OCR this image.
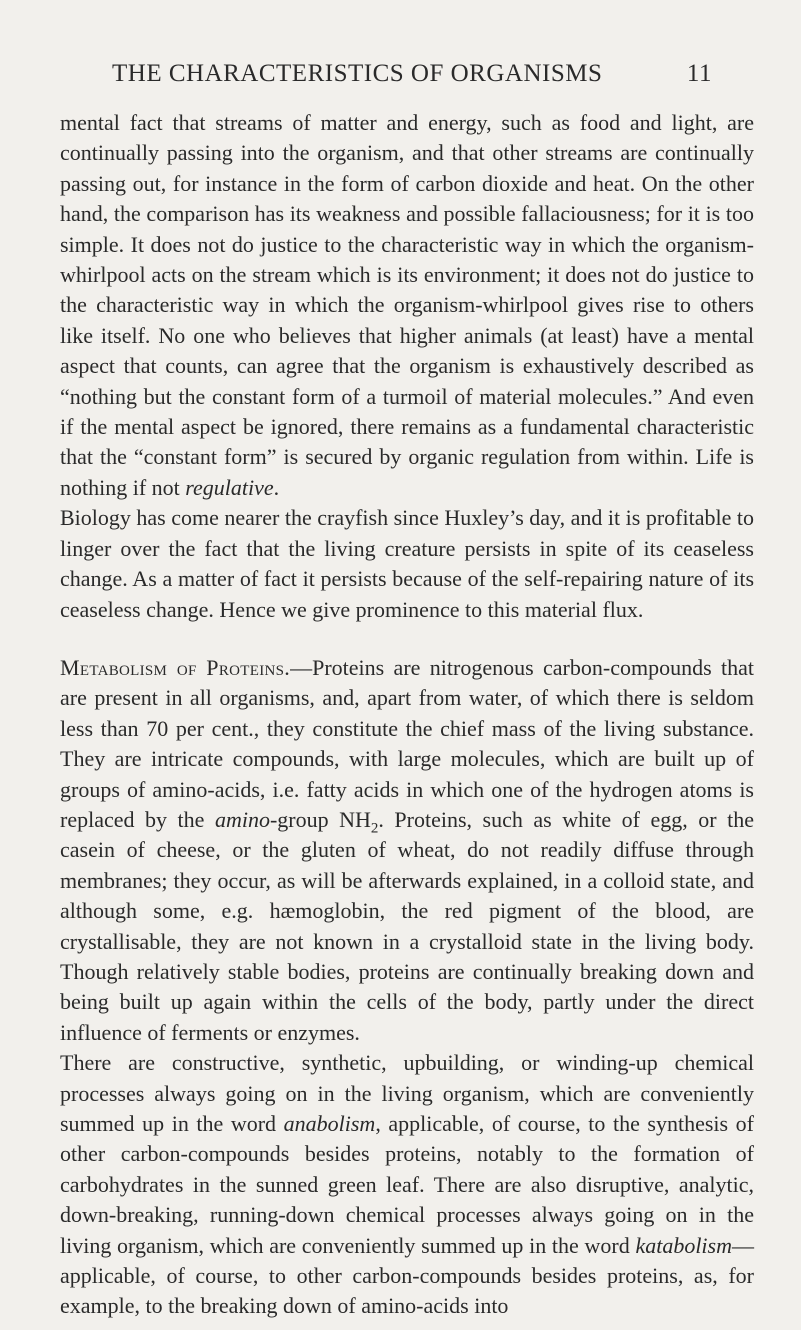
THE CHARACTERISTICS OF ORGANISMS	11

mental fact that streams of matter and energy, such as food and light, are continually passing into the organism, and that other streams are continually passing out, for instance in the form of carbon dioxide and heat. On the other hand, the comparison has its weakness and possible fallaciousness; for it is too simple. It does not do justice to the characteristic way in which the organism-whirlpool acts on the stream which is its environment; it does not do justice to the characteristic way in which the organism-whirlpool gives rise to others like itself. No one who believes that higher animals (at least) have a mental aspect that counts, can agree that the organism is exhaustively described as “nothing but the constant form of a turmoil of material molecules.” And even if the mental aspect be ignored, there remains as a fundamental characteristic that the “constant form” is secured by organic regulation from within. Life is nothing if not regulative.

Biology has come nearer the crayfish since Huxley’s day, and it is profitable to linger over the fact that the living creature persists in spite of its ceaseless change. As a matter of fact it persists because of the self-repairing nature of its ceaseless change. Hence we give prominence to this material flux.

Metabolism of Proteins.—Proteins are nitrogenous carbon-compounds that are present in all organisms, and, apart from water, of which there is seldom less than 70 per cent., they constitute the chief mass of the living substance. They are intricate compounds, with large molecules, which are built up of groups of amino-acids, i.e. fatty acids in which one of the hydrogen atoms is replaced by the amino-group $NH_2$. Proteins, such as white of egg, or the casein of cheese, or the gluten of wheat, do not readily diffuse through membranes; they occur, as will be afterwards explained, in a colloid state, and although some, e.g. hæmoglobin, the red pigment of the blood, are crystallisable, they are not known in a crystalloid state in the living body. Though relatively stable bodies, proteins are continually breaking down and being built up again within the cells of the body, partly under the direct influence of ferments or enzymes.

There are constructive, synthetic, upbuilding, or winding-up chemical processes always going on in the living organism, which are conveniently summed up in the word anabolism, applicable, of course, to the synthesis of other carbon-compounds besides proteins, notably to the formation of carbohydrates in the sunned green leaf. There are also disruptive, analytic, down-breaking, running-down chemical processes always going on in the living organism, which are conveniently summed up in the word katabolism—applicable, of course, to other carbon-compounds besides proteins, as, for example, to the breaking down of amino-acids into
